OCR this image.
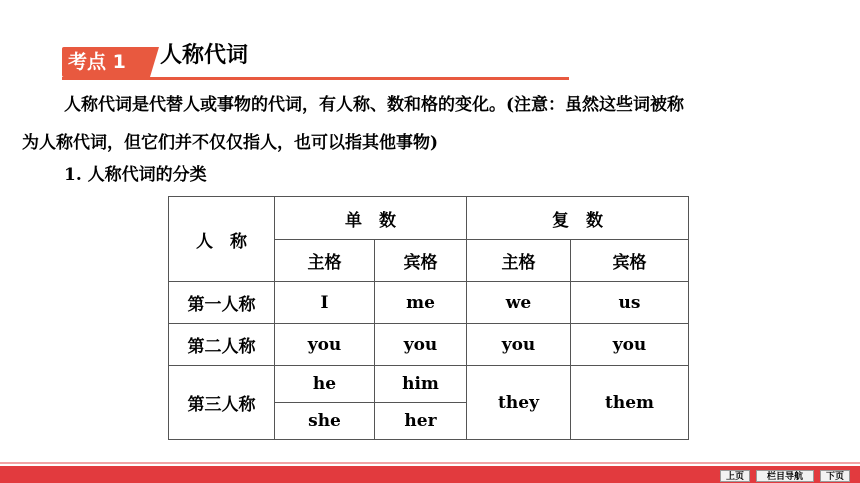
考点 1	人称代词
人称代词是代替人或事物的代词，有人称、数和格的变化。(注意：虽然这些词被称
为人称代词，但它们并不仅仅指人，也可以指其他事物)
1. 人称代词的分类
人　称	单　数		复　数	
	主格	宾格	主格	宾格
第一人称	I	me	we	us
第二人称	you	you	you	you
第三人称	he	him	they	them
	she	her		
上页	栏目导航	下页
